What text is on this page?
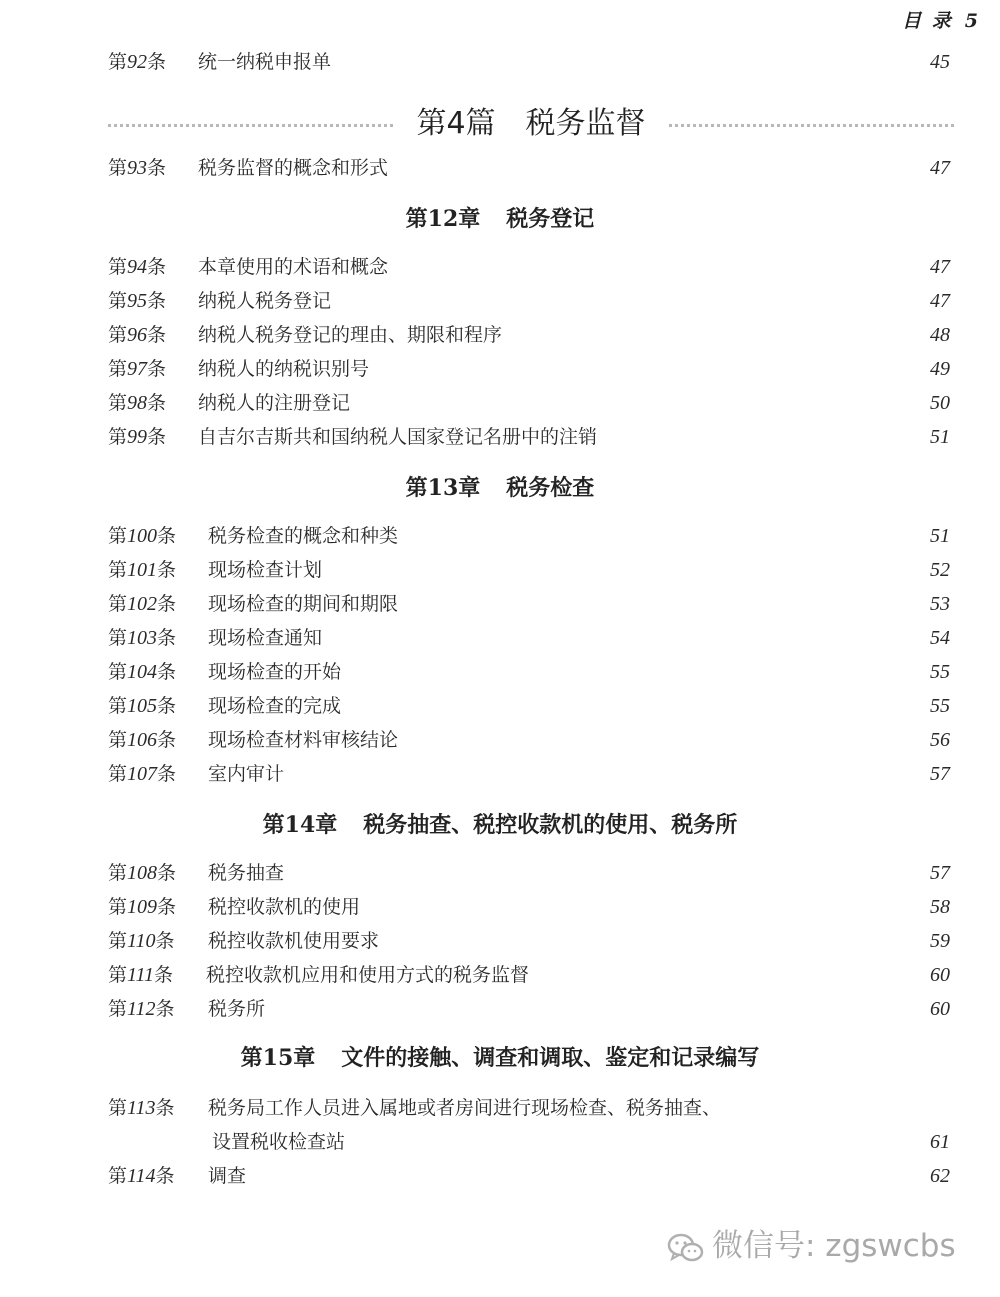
目 录 5
第92条 统一纳税申报单	45
第4篇 税务监督
第93条 税务监督的概念和形式	47
第12章 税务登记
第94条 本章使用的术语和概念	47
第95条 纳税人税务登记	47
第96条 纳税人税务登记的理由、期限和程序	48
第97条 纳税人的纳税识别号	49
第98条 纳税人的注册登记	50
第99条 自吉尔吉斯共和国纳税人国家登记名册中的注销	51
第13章 税务检查
第100条 税务检查的概念和种类	51
第101条 现场检查计划	52
第102条 现场检查的期间和期限	53
第103条 现场检查通知	54
第104条 现场检查的开始	55
第105条 现场检查的完成	55
第106条 现场检查材料审核结论	56
第107条 室内审计	57
第14章 税务抽查、税控收款机的使用、税务所
第108条 税务抽查	57
第109条 税控收款机的使用	58
第110条 税控收款机使用要求	59
第111条 税控收款机应用和使用方式的税务监督	60
第112条 税务所	60
第15章 文件的接触、调查和调取、鉴定和记录编写
第113条 税务局工作人员进入属地或者房间进行现场检查、税务抽查、
设置税收检查站	61
第114条 调查	62
微信号: zgswcbs
